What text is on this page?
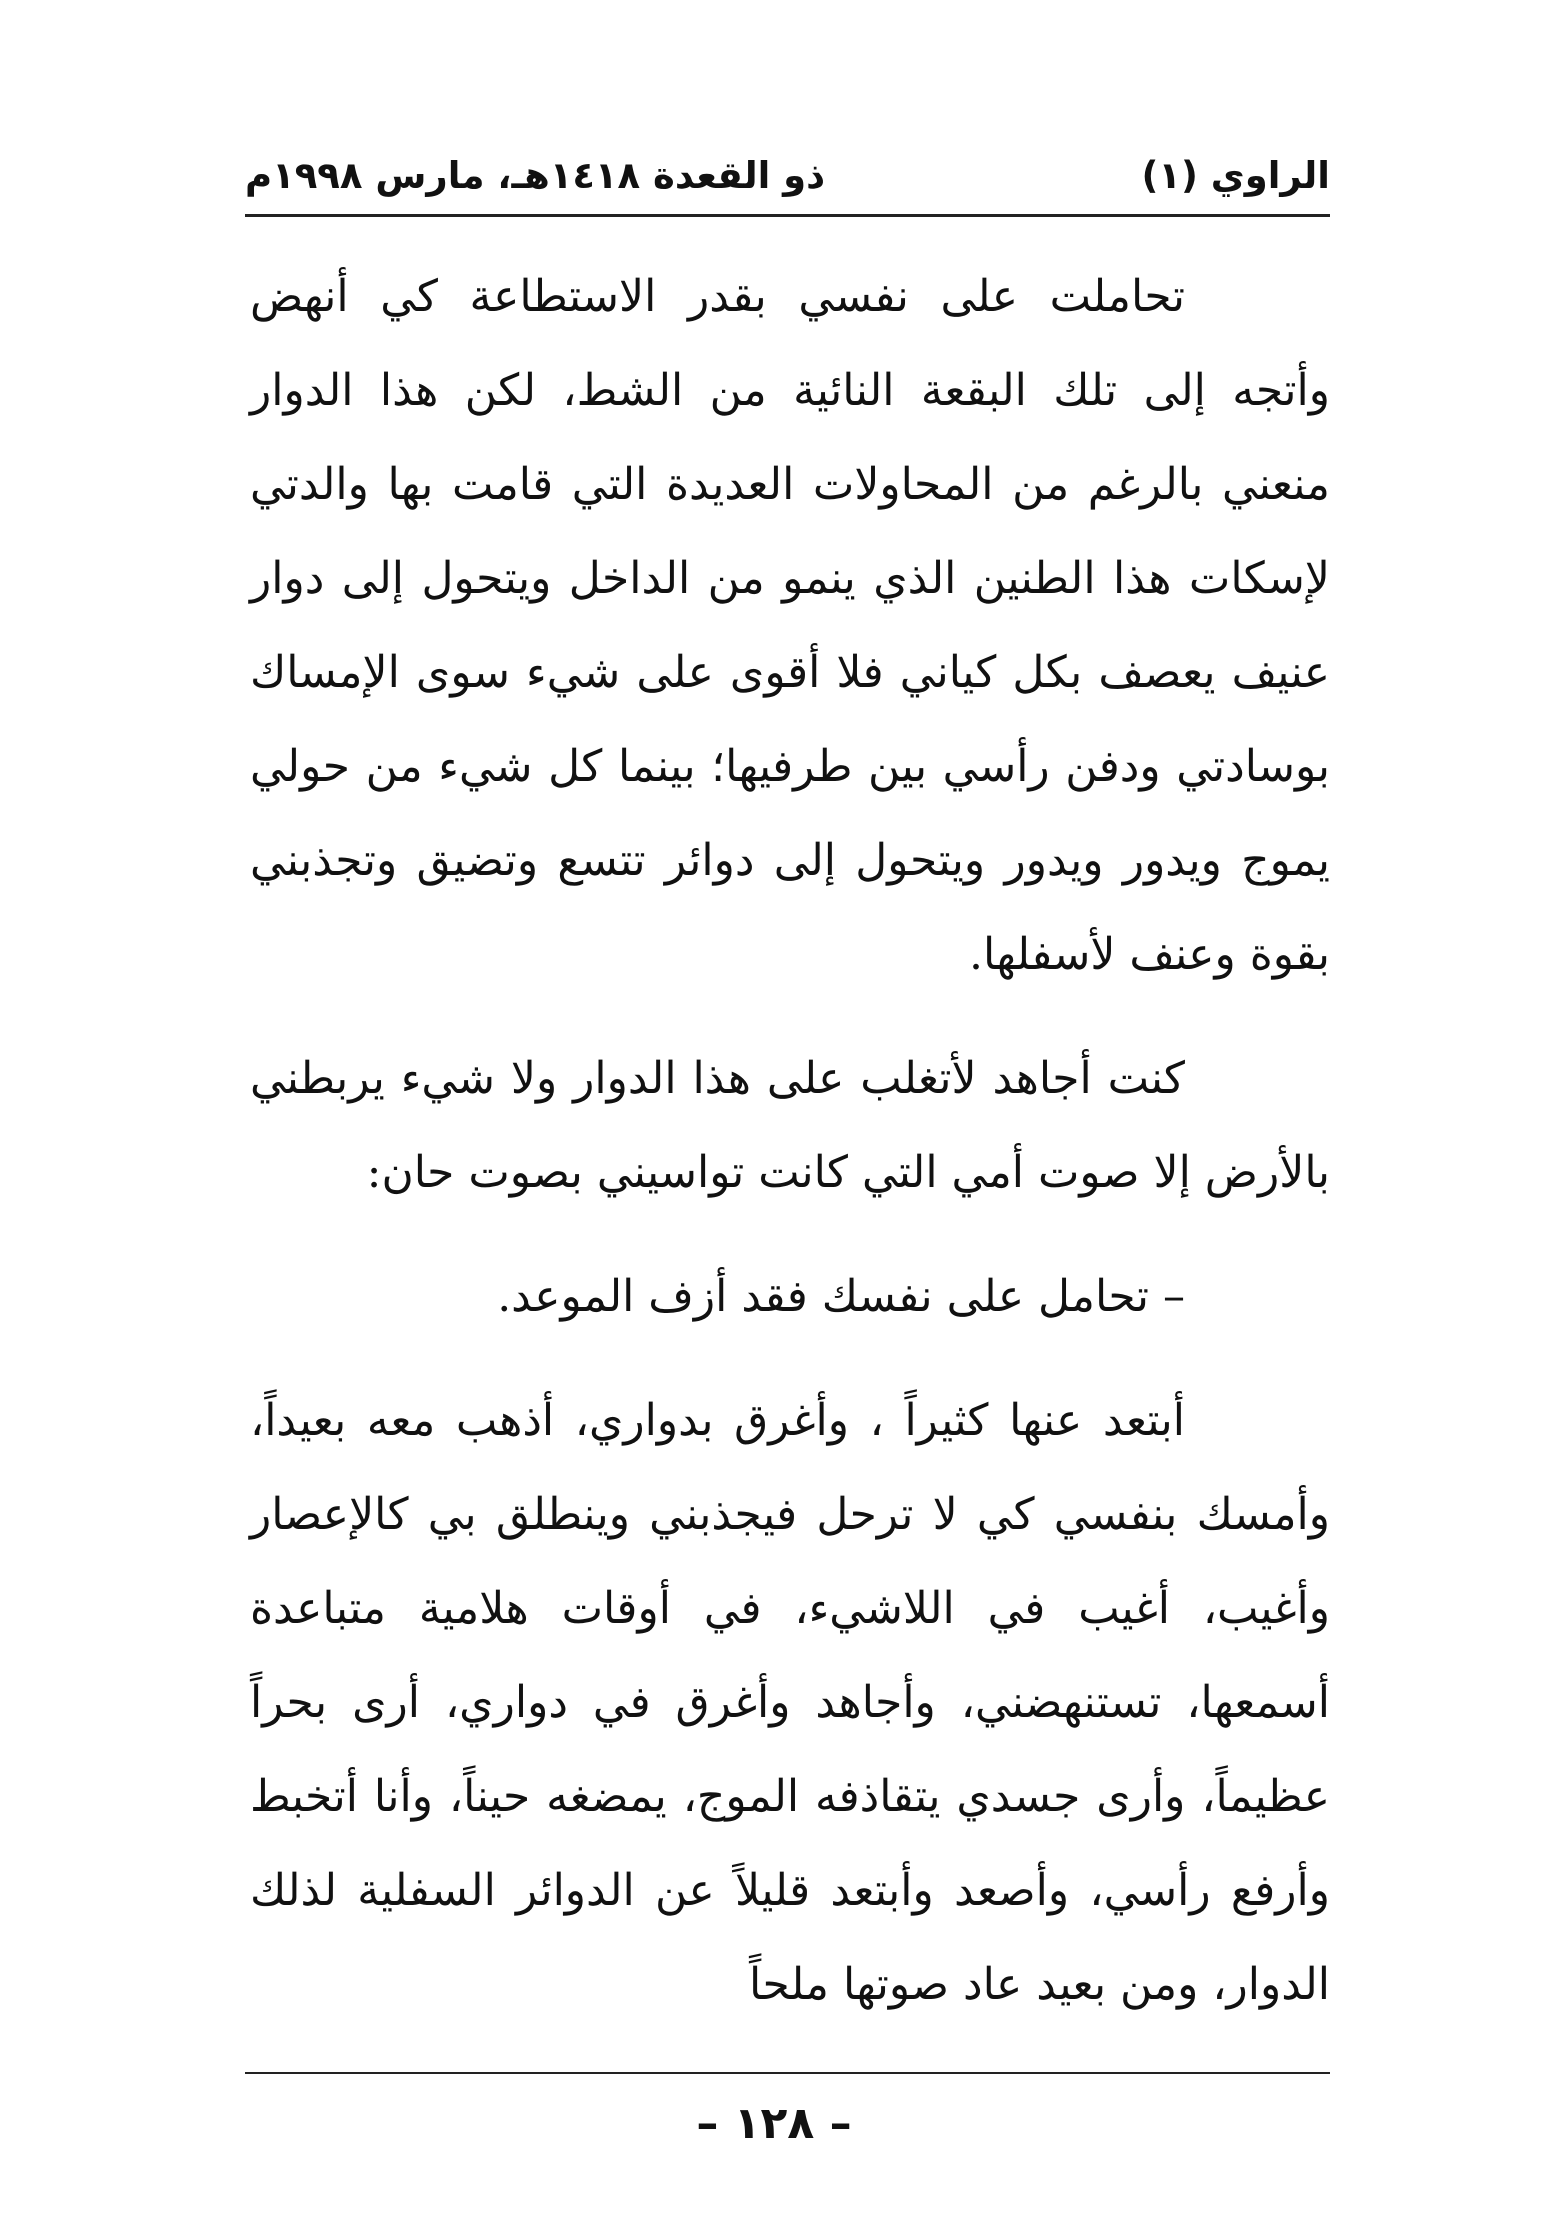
الراوي (١)
ذو القعدة ١٤١٨هـ، مارس ١٩٩٨م

تحاملت على نفسي بقدر الاستطاعة كي أنهض وأتجه إلى تلك البقعة النائية من الشط، لكن هذا الدوار منعني بالرغم من المحاولات العديدة التي قامت بها والدتي لإسكات هذا الطنين الذي ينمو من الداخل ويتحول إلى دوار عنيف يعصف بكل كياني فلا أقوى على شيء سوى الإمساك بوسادتي ودفن رأسي بين طرفيها؛ بينما كل شيء من حولي يموج ويدور ويدور ويتحول إلى دوائر تتسع وتضيق وتجذبني بقوة وعنف لأسفلها.

كنت أجاهد لأتغلب على هذا الدوار ولا شيء يربطني بالأرض إلا صوت أمي التي كانت تواسيني بصوت حان:

– تحامل على نفسك فقد أزف الموعد.

أبتعد عنها كثيراً ، وأغرق بدواري، أذهب معه بعيداً، وأمسك بنفسي كي لا ترحل فيجذبني وينطلق بي كالإعصار وأغيب، أغيب في اللاشيء، في أوقات هلامية متباعدة أسمعها، تستنهضني، وأجاهد وأغرق في دواري، أرى بحراً عظيماً، وأرى جسدي يتقاذفه الموج، يمضغه حيناً، وأنا أتخبط وأرفع رأسي، وأصعد وأبتعد قليلاً عن الدوائر السفلية لذلك الدوار، ومن بعيد عاد صوتها ملحاً

– ١٢٨ –
